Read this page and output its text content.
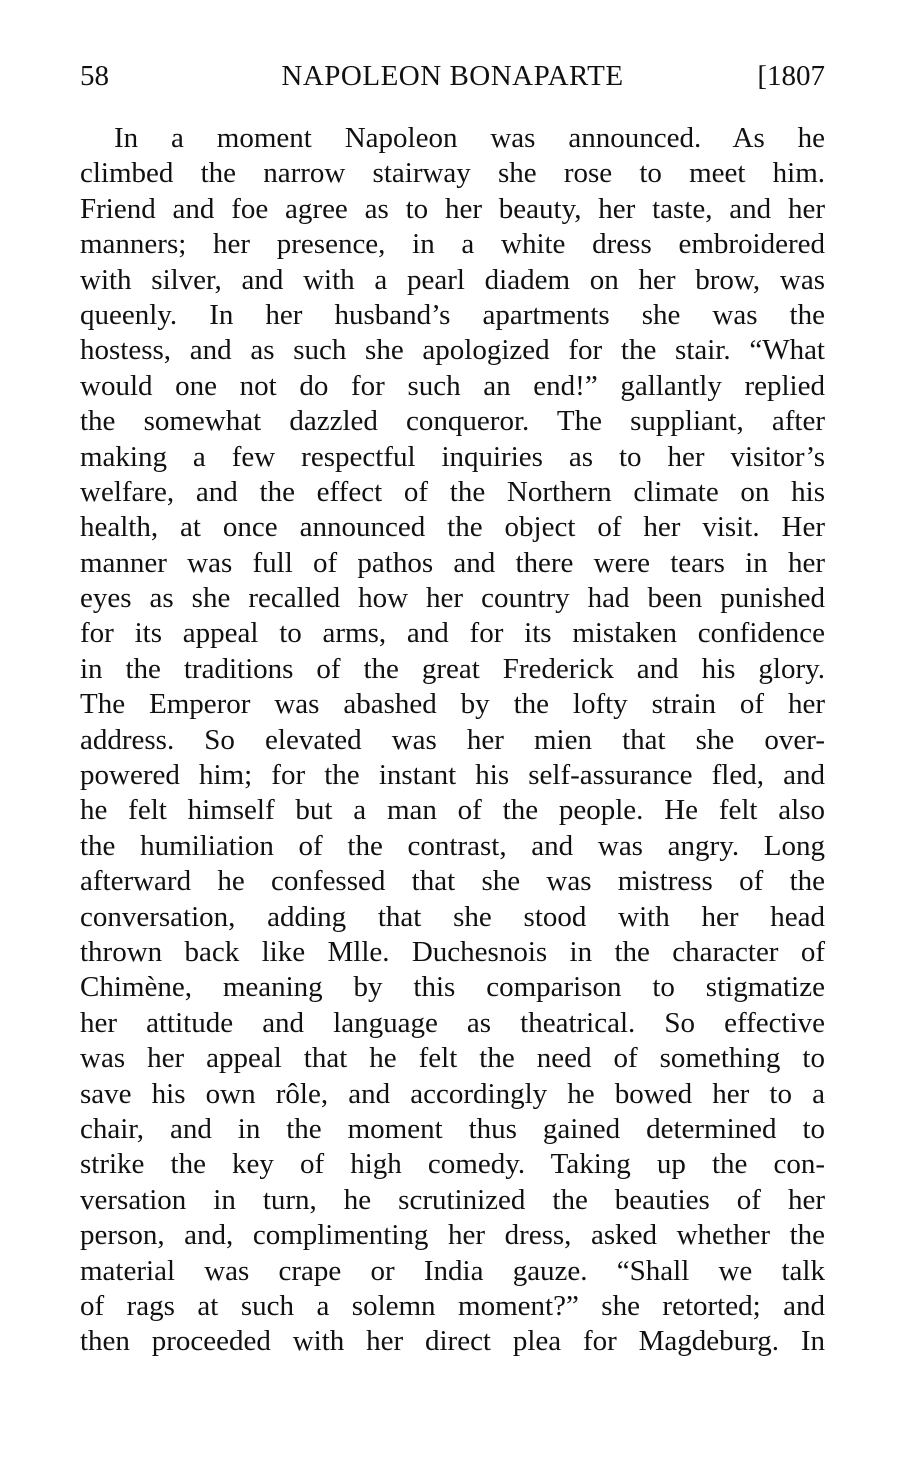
58	NAPOLEON BONAPARTE	[1807
In a moment Napoleon was announced. As he
climbed the narrow stairway she rose to meet him.
Friend and foe agree as to her beauty, her taste, and her
manners; her presence, in a white dress embroidered
with silver, and with a pearl diadem on her brow, was
queenly. In her husband’s apartments she was the
hostess, and as such she apologized for the stair. “What
would one not do for such an end!” gallantly replied
the somewhat dazzled conqueror. The suppliant, after
making a few respectful inquiries as to her visitor’s
welfare, and the effect of the Northern climate on his
health, at once announced the object of her visit. Her
manner was full of pathos and there were tears in her
eyes as she recalled how her country had been punished
for its appeal to arms, and for its mistaken confidence
in the traditions of the great Frederick and his glory.
The Emperor was abashed by the lofty strain of her
address. So elevated was her mien that she over-
powered him; for the instant his self-assurance fled, and
he felt himself but a man of the people. He felt also
the humiliation of the contrast, and was angry. Long
afterward he confessed that she was mistress of the
conversation, adding that she stood with her head
thrown back like Mlle. Duchesnois in the character of
Chimène, meaning by this comparison to stigmatize
her attitude and language as theatrical. So effective
was her appeal that he felt the need of something to
save his own rôle, and accordingly he bowed her to a
chair, and in the moment thus gained determined to
strike the key of high comedy. Taking up the con-
versation in turn, he scrutinized the beauties of her
person, and, complimenting her dress, asked whether the
material was crape or India gauze. “Shall we talk
of rags at such a solemn moment?” she retorted; and
then proceeded with her direct plea for Magdeburg. In
